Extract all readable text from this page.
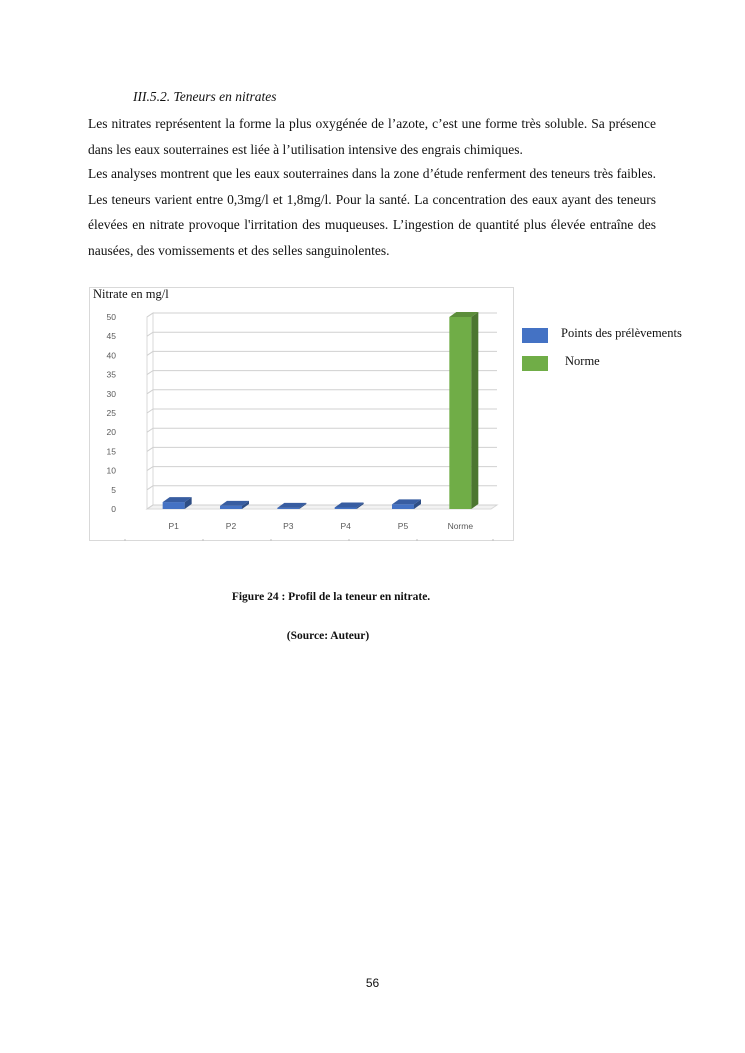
III.5.2. Teneurs en nitrates
Les nitrates représentent la forme la plus oxygénée de l’azote, c’est une forme très soluble. Sa présence dans les eaux souterraines est liée à l’utilisation intensive des engrais chimiques.
Les analyses montrent que les eaux souterraines dans la zone d’étude renferment des teneurs très faibles. Les teneurs varient entre 0,3mg/l et 1,8mg/l. Pour la santé. La concentration des eaux ayant des teneurs élevées en nitrate provoque l'irritation des muqueuses. L’ingestion de quantité plus élevée entraîne des nausées, des vomissements et des selles sanguinolentes.
0
5
10
15
20
25
30
35
40
45
50
P1	P2	P3	P4	P5	Norme
Nitrate en mg/l
Points des prélèvements
Norme
Figure 24 : Profil de la teneur en nitrate.
(Source: Auteur)
56
